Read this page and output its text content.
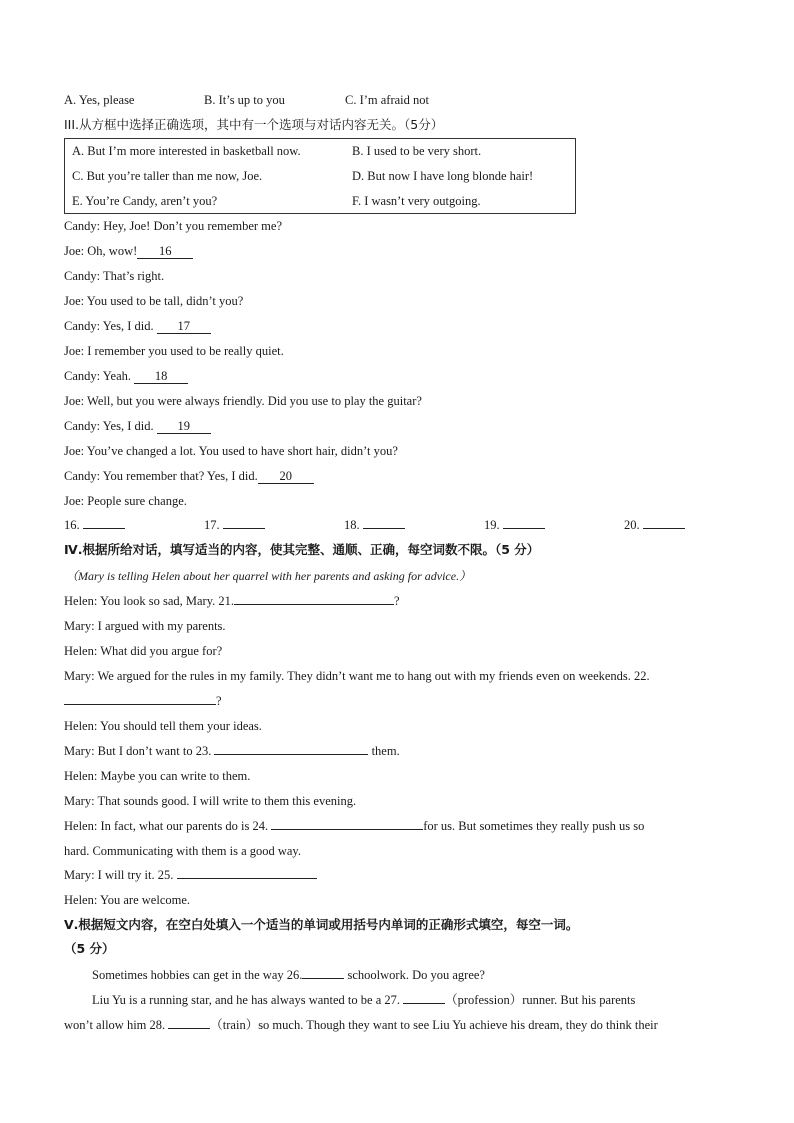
A. Yes, please	B. It’s up to you	C. I’m afraid not
III.从方框中选择正确选项，其中有一个选项与对话内容无关。（5分）
A. But I’m more interested in basketball now.	B. I used to be very short.
C. But you’re taller than me now, Joe.	D. But now I have long blonde hair!
E. You’re Candy, aren’t you?	F. I wasn’t very outgoing.
Candy: Hey, Joe! Don’t you remember me?
Joe: Oh, wow! 16
Candy: That’s right.
Joe: You used to be tall, didn’t you?
Candy: Yes, I did. 17
Joe: I remember you used to be really quiet.
Candy: Yeah. 18
Joe: Well, but you were always friendly. Did you use to play the guitar?
Candy: Yes, I did. 19
Joe: You’ve changed a lot. You used to have short hair, didn’t you?
Candy: You remember that? Yes, I did. 20
Joe: People sure change.
16.	17.	18.	19.	20.
Ⅳ.根据所给对话，填写适当的内容，使其完整、通顺、正确，每空词数不限。（5 分）
（Mary is telling Helen about her quarrel with her parents and asking for advice.）
Helen: You look so sad, Mary. 21.	?
Mary: I argued with my parents.
Helen: What did you argue for?
Mary: We argued for the rules in my family. They didn’t want me to hang out with my friends even on weekends. 22.
?
Helen: You should tell them your ideas.
Mary: But I don’t want to 23.	them.
Helen: Maybe you can write to them.
Mary: That sounds good. I will write to them this evening.
Helen: In fact, what our parents do is 24.	for us. But sometimes they really push us so
hard. Communicating with them is a good way.
Mary: I will try it. 25.
Helen: You are welcome.
Ⅴ.根据短文内容，在空白处填入一个适当的单词或用括号内单词的正确形式填空，每空一词。
（5 分）
Sometimes hobbies can get in the way 26.	schoolwork. Do you agree?
Liu Yu is a running star, and he has always wanted to be a 27.	（profession）runner. But his parents
won’t allow him 28.	（train）so much. Though they want to see Liu Yu achieve his dream, they do think their
